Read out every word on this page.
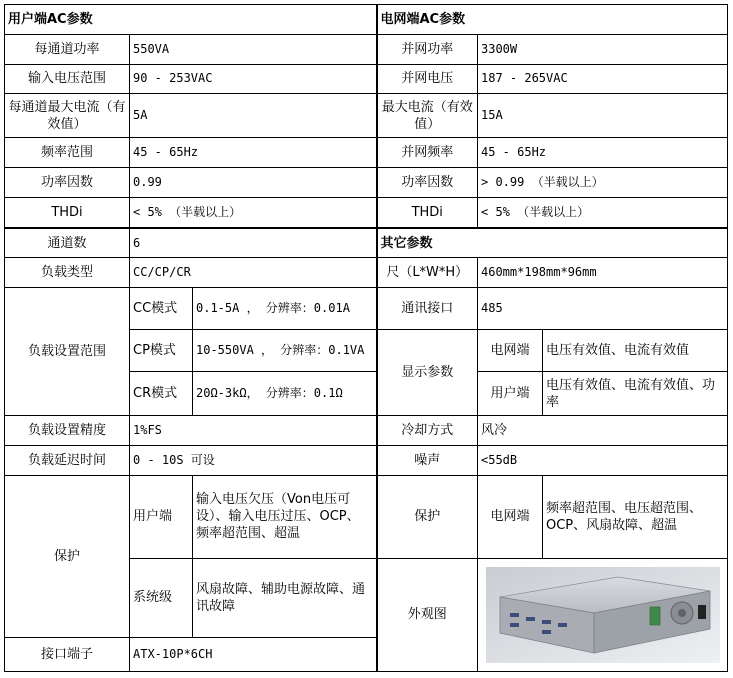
用户端AC参数			电网端AC参数		
每通道功率	550VA		并网功率	3300W	
输入电压范围	90 - 253VAC		并网电压	187 - 265VAC	
每通道最大电流（有效值）	5A		最大电流（有效值）	15A	
频率范围	45 - 65Hz		并网频率	45 - 65Hz	
功率因数	0.99		功率因数	> 0.99 （半载以上）	
THDi	< 5% （半载以上）		THDi	< 5% （半载以上）	
通道数	6		其它参数		
负载类型	CC/CP/CR		尺（L*W*H）	460mm*198mm*96mm	
负载设置范围	CC模式	0.1-5A ， 分辨率：0.01A	通讯接口	485	
	CP模式	10-550VA ， 分辨率：0.1VA	显示参数	电网端	电压有效值、电流有效值
	CR模式	20Ω-3kΩ， 分辨率：0.1Ω		用户端	电压有效值、电流有效值、功率
负载设置精度	1%FS		冷却方式	风冷	
负载延迟时间	0 - 10S 可设		噪声	<55dB	
保护	用户端	输入电压欠压（Von电压可设）、输入电压过压、OCP、频率超范围、超温	保护	电网端	频率超范围、电压超范围、OCP、风扇故障、超温
	系统级	风扇故障、辅助电源故障、通讯故障	外观图	

接口端子	ATX-10P*6CH				
